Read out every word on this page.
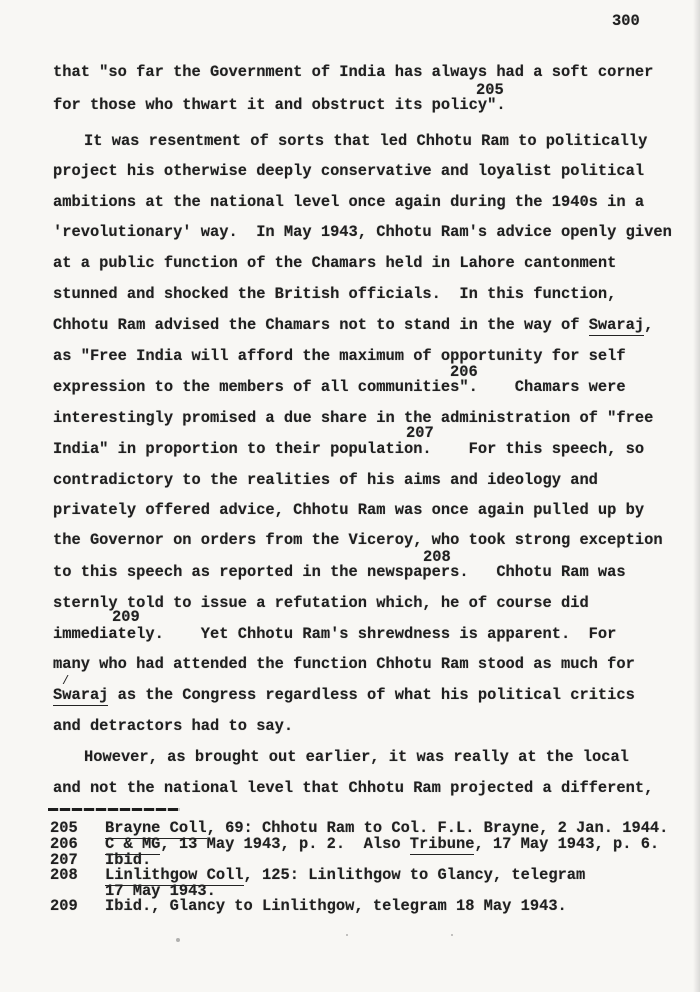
300
that "so far the Government of India has always had a soft corner
205
for those who thwart it and obstruct its policy".
It was resentment of sorts that led Chhotu Ram to politically
project his otherwise deeply conservative and loyalist political
ambitions at the national level once again during the 1940s in a
'revolutionary' way.  In May 1943, Chhotu Ram's advice openly given
at a public function of the Chamars held in Lahore cantonment
stunned and shocked the British officials.  In this function,
Chhotu Ram advised the Chamars not to stand in the way of Swaraj,
as "Free India will afford the maximum of opportunity for self
206
expression to the members of all communities".    Chamars were
interestingly promised a due share in the administration of "free
207
India" in proportion to their population.    For this speech, so
contradictory to the realities of his aims and ideology and
privately offered advice, Chhotu Ram was once again pulled up by
the Governor on orders from the Viceroy, who took strong exception
208
to this speech as reported in the newspapers.   Chhotu Ram was
sternly told to issue a refutation which, he of course did
209
immediately.    Yet Chhotu Ram's shrewdness is apparent.  For
many who had attended the function Chhotu Ram stood as much for
/
Swaraj as the Congress regardless of what his political critics
and detractors had to say.
However, as brought out earlier, it was really at the local
and not the national level that Chhotu Ram projected a different,
205 Brayne Coll, 69: Chhotu Ram to Col. F.L. Brayne, 2 Jan. 1944.
206 C & MG, 13 May 1943, p. 2.  Also Tribune, 17 May 1943, p. 6.
207 Ibid.
208 Linlithgow Coll, 125: Linlithgow to Glancy, telegram
17 May 1943.
209 Ibid., Glancy to Linlithgow, telegram 18 May 1943.
